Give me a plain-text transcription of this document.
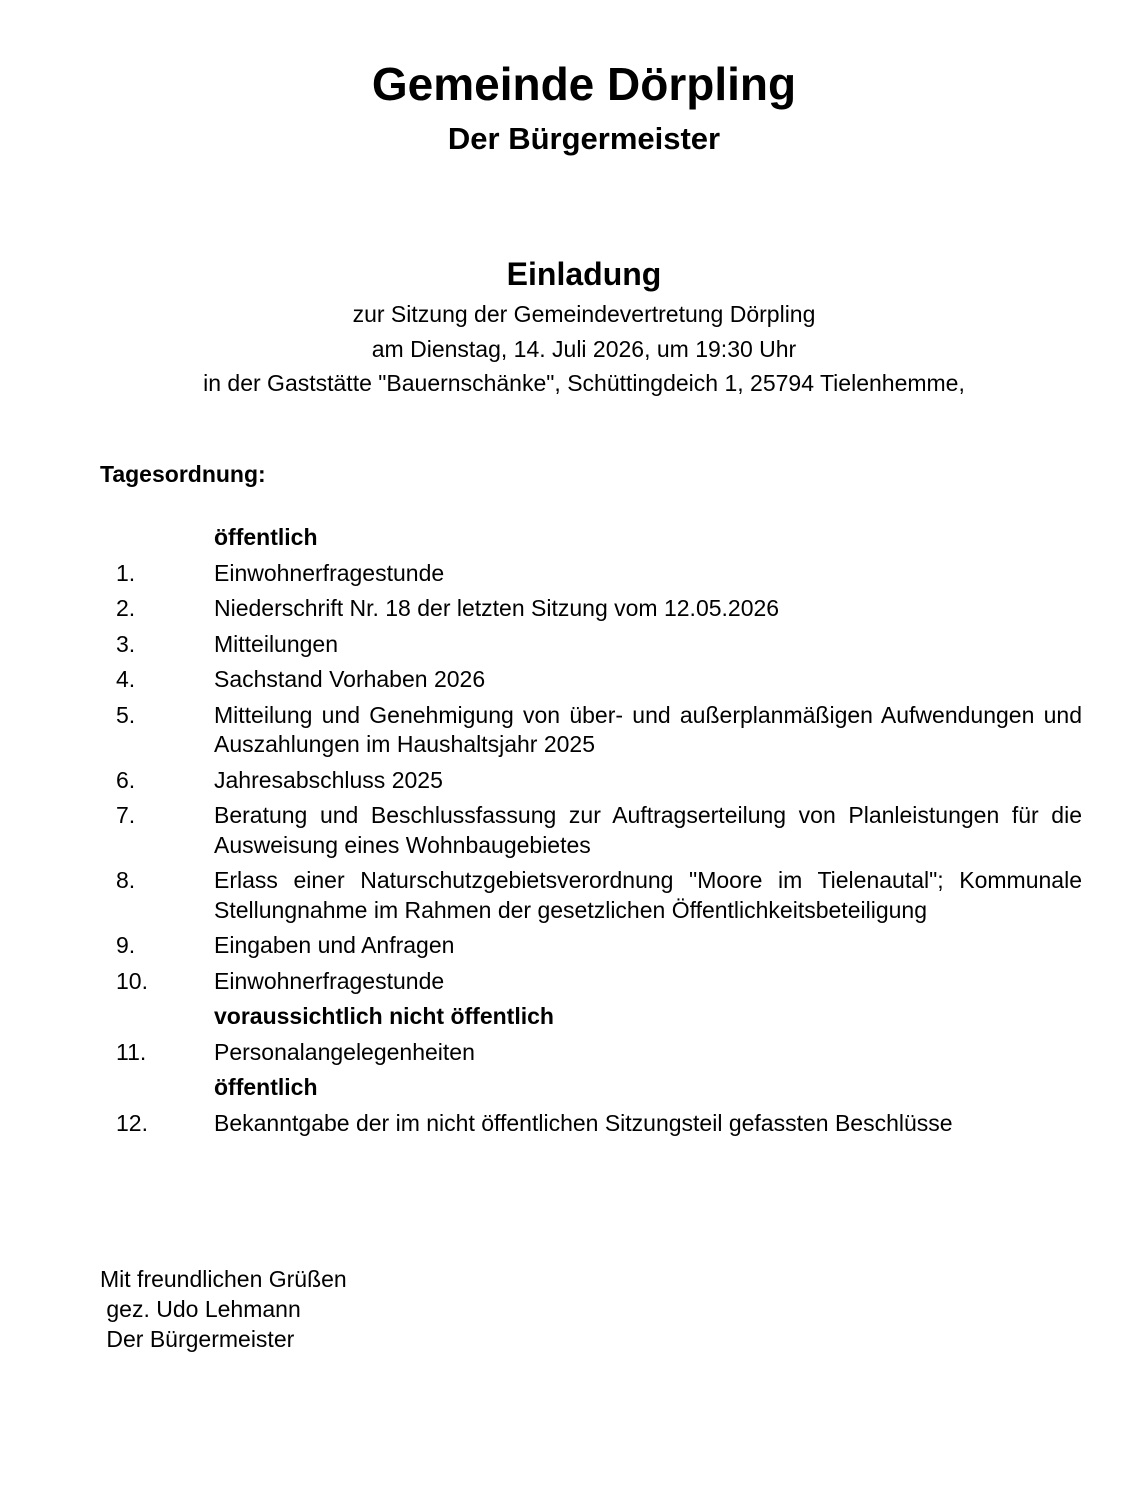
Gemeinde Dörpling
Der Bürgermeister
Einladung
zur Sitzung der Gemeindevertretung Dörpling
am Dienstag, 14. Juli 2026, um 19:30 Uhr
in der Gaststätte "Bauernschänke", Schüttingdeich 1, 25794 Tielenhemme,
Tagesordnung:
öffentlich
1.	Einwohnerfragestunde
2.	Niederschrift Nr. 18 der letzten Sitzung vom 12.05.2026
3.	Mitteilungen
4.	Sachstand Vorhaben 2026
5.	Mitteilung und Genehmigung von über- und außerplanmäßigen Aufwendungen und Auszahlungen im Haushaltsjahr 2025
6.	Jahresabschluss 2025
7.	Beratung und Beschlussfassung zur Auftragserteilung von Planleistungen für die Ausweisung eines Wohnbaugebietes
8.	Erlass einer Naturschutzgebietsverordnung "Moore im Tielenautal"; Kommunale Stellungnahme im Rahmen der gesetzlichen Öffentlichkeitsbeteiligung
9.	Eingaben und Anfragen
10.	Einwohnerfragestunde
voraussichtlich nicht öffentlich
11.	Personalangelegenheiten
öffentlich
12.	Bekanntgabe der im nicht öffentlichen Sitzungsteil gefassten Beschlüsse
Mit freundlichen Grüßen
gez. Udo Lehmann
Der Bürgermeister
